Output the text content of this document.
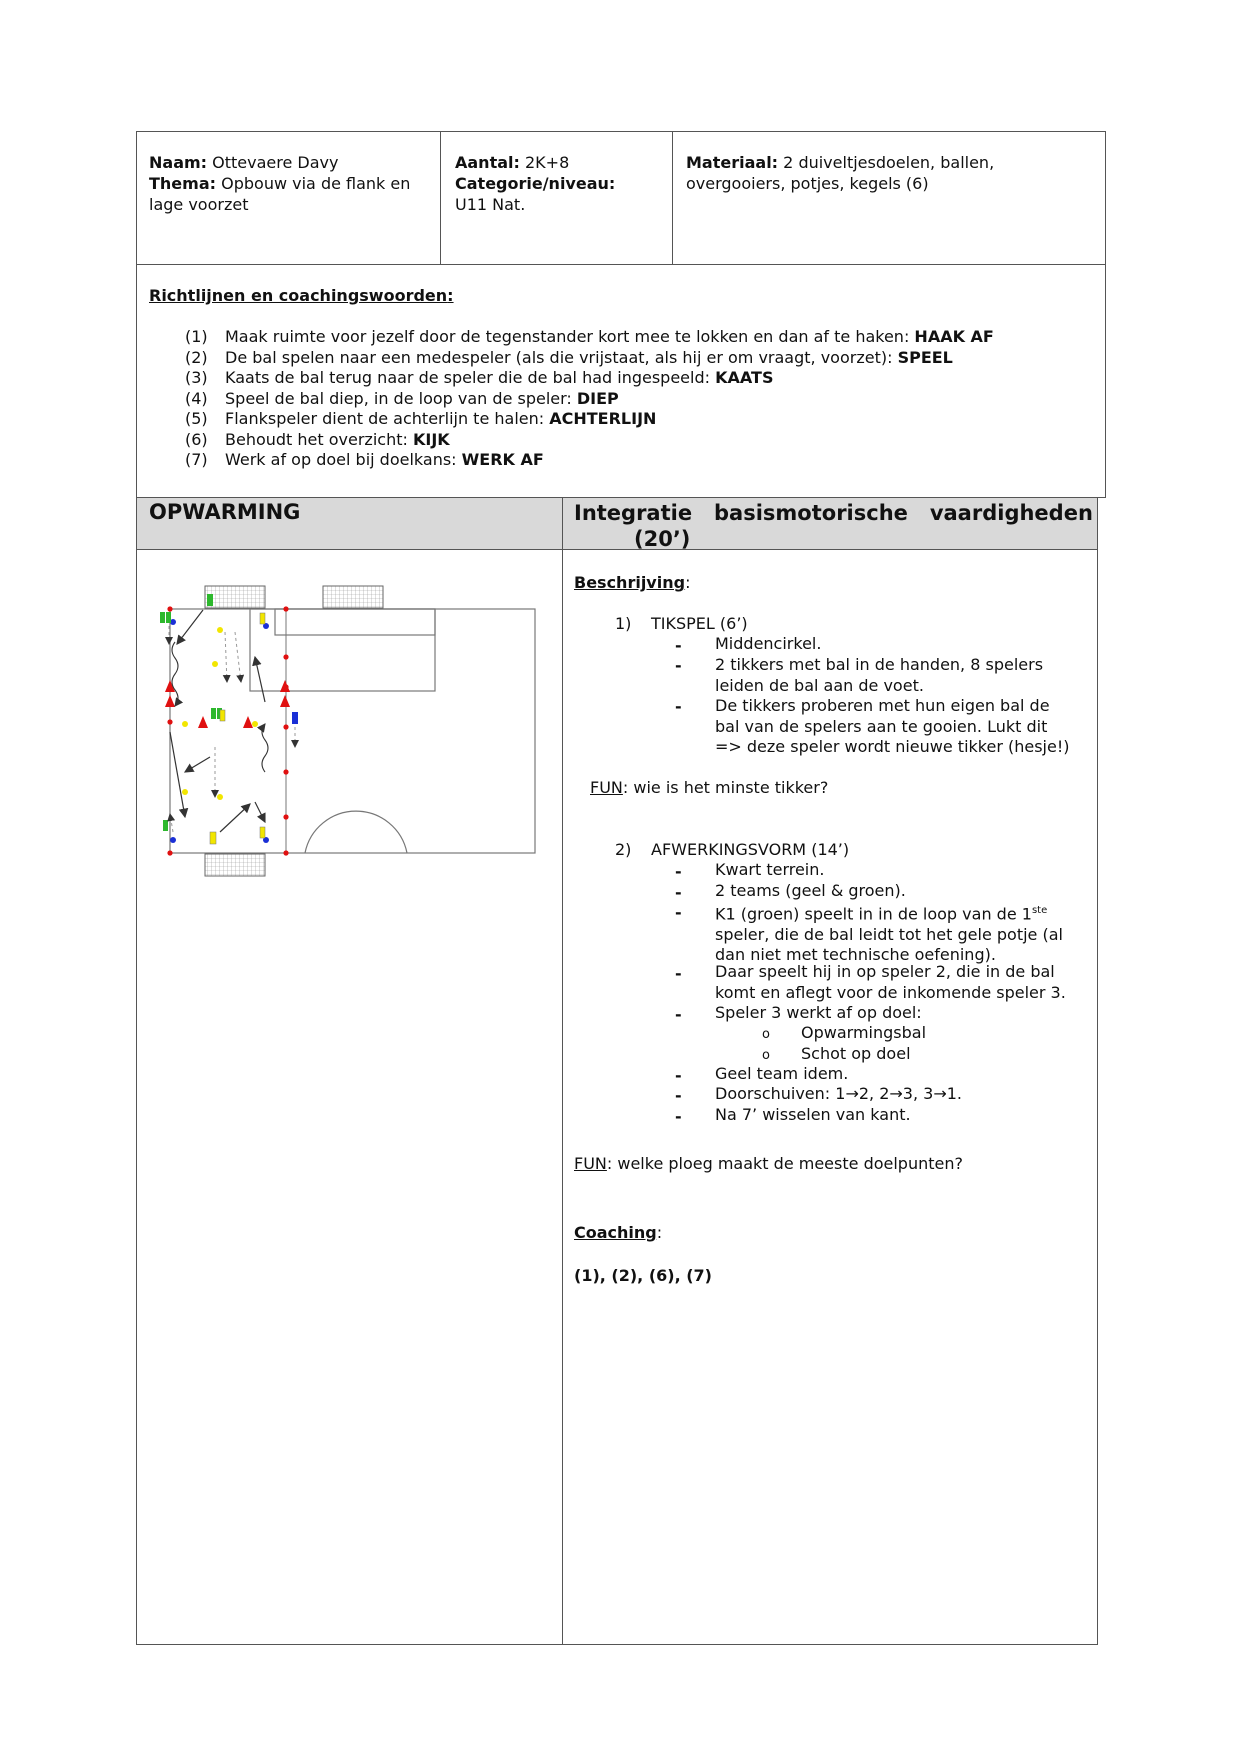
Naam: Ottevaere Davy
Thema: Opbouw via de flank en
lage voorzet
Aantal: 2K+8
Categorie/niveau:
U11 Nat.
Materiaal: 2 duiveltjesdoelen, ballen,
overgooiers, potjes, kegels (6)
Richtlijnen en coachingswoorden:
(1) Maak ruimte voor jezelf door de tegenstander kort mee te lokken en dan af te haken: HAAK AF
(2) De bal spelen naar een medespeler (als die vrijstaat, als hij er om vraagt, voorzet): SPEEL
(3) Kaats de bal terug naar de speler die de bal had ingespeeld: KAATS
(4) Speel de bal diep, in de loop van de speler: DIEP
(5) Flankspeler dient de achterlijn te halen: ACHTERLIJN
(6) Behoudt het overzicht: KIJK
(7) Werk af op doel bij doelkans: WERK AF
OPWARMING	Integratie   basismotorische   vaardigheden
(20’)
Beschrijving:
1) TIKSPEL (6’)
- Middencirkel.
- 2 tikkers met bal in de handen, 8 spelers
leiden de bal aan de voet.
- De tikkers proberen met hun eigen bal de
bal van de spelers aan te gooien. Lukt dit
=> deze speler wordt nieuwe tikker (hesje!)
FUN: wie is het minste tikker?
2) AFWERKINGSVORM (14’)
- Kwart terrein.
- 2 teams (geel & groen).
- K1 (groen) speelt in in de loop van de 1ste
speler, die de bal leidt tot het gele potje (al
dan niet met technische oefening).
- Daar speelt hij in op speler 2, die in de bal
komt en aflegt voor de inkomende speler 3.
- Speler 3 werkt af op doel:
o Opwarmingsbal
o Schot op doel
- Geel team idem.
- Doorschuiven: 1→2, 2→3, 3→1.
- Na 7’ wisselen van kant.
FUN: welke ploeg maakt de meeste doelpunten?
Coaching:
(1), (2), (6), (7)
